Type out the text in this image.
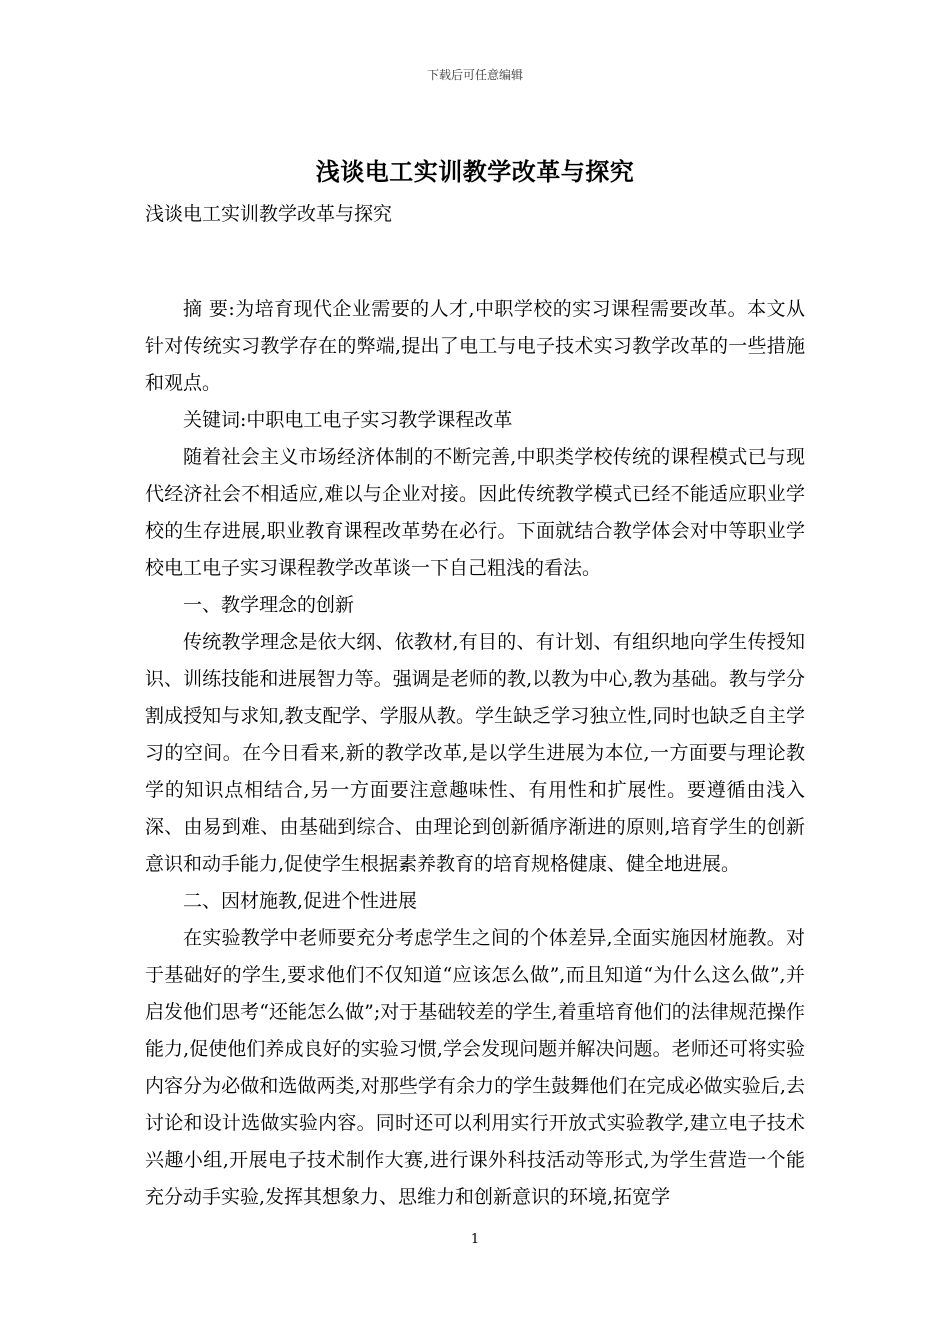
下载后可任意编辑
浅谈电工实训教学改革与探究

浅谈电工实训教学改革与探究

摘 要:为培育现代企业需要的人才,中职学校的实习课程需要改革。本文从针对传统实习教学存在的弊端,提出了电工与电子技术实习教学改革的一些措施和观点。

关键词:中职电工电子实习教学课程改革

随着社会主义市场经济体制的不断完善,中职类学校传统的课程模式已与现代经济社会不相适应,难以与企业对接。因此传统教学模式已经不能适应职业学校的生存进展,职业教育课程改革势在必行。下面就结合教学体会对中等职业学校电工电子实习课程教学改革谈一下自己粗浅的看法。

一、教学理念的创新

传统教学理念是依大纲、依教材,有目的、有计划、有组织地向学生传授知识、训练技能和进展智力等。强调是老师的教,以教为中心,教为基础。教与学分割成授知与求知,教支配学、学服从教。学生缺乏学习独立性,同时也缺乏自主学习的空间。在今日看来,新的教学改革,是以学生进展为本位,一方面要与理论教学的知识点相结合,另一方面要注意趣味性、有用性和扩展性。要遵循由浅入深、由易到难、由基础到综合、由理论到创新循序渐进的原则,培育学生的创新意识和动手能力,促使学生根据素养教育的培育规格健康、健全地进展。

二、因材施教,促进个性进展

在实验教学中老师要充分考虑学生之间的个体差异,全面实施因材施教。对于基础好的学生,要求他们不仅知道“应该怎么做”,而且知道“为什么这么做”,并启发他们思考“还能怎么做”;对于基础较差的学生,着重培育他们的法律规范操作能力,促使他们养成良好的实验习惯,学会发现问题并解决问题。老师还可将实验内容分为必做和选做两类,对那些学有余力的学生鼓舞他们在完成必做实验后,去讨论和设计选做实验内容。同时还可以利用实行开放式实验教学,建立电子技术兴趣小组,开展电子技术制作大赛,进行课外科技活动等形式,为学生营造一个能充分动手实验,发挥其想象力、思维力和创新意识的环境,拓宽学

1
